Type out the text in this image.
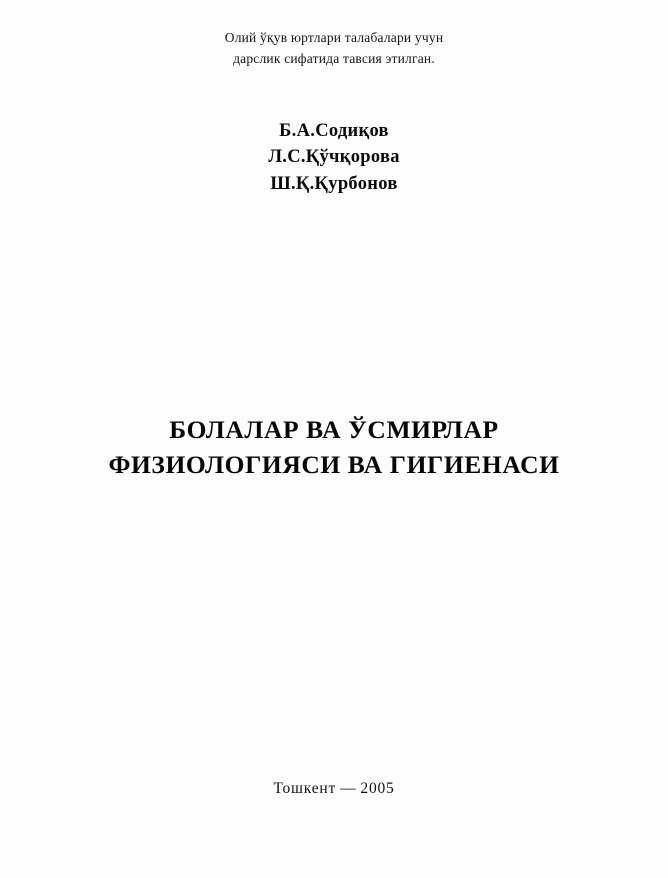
Олий ўқув юртлари талабалари учун
дарслик сифатида тавсия этилган.
Б.А.Содиқов
Л.С.Қўчқорова
Ш.Қ.Қурбонов
БОЛАЛАР ВА ЎСМИРЛАР
ФИЗИОЛОГИЯСИ ВА ГИГИЕНАСИ
Тошкент — 2005
